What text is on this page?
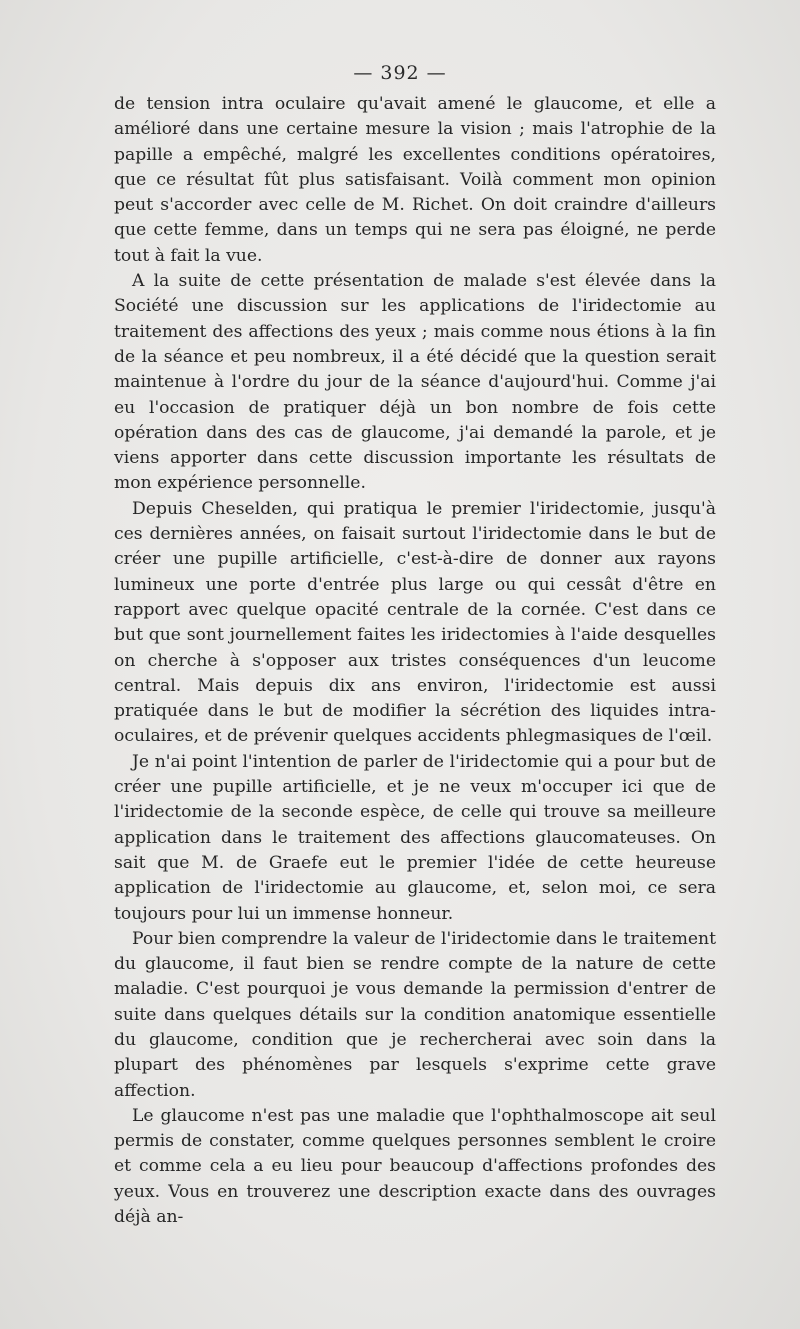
— 392 —

de tension intra oculaire qu'avait amené le glaucome, et elle a amélioré dans une certaine mesure la vision ; mais l'atrophie de la papille a empêché, malgré les excellentes conditions opératoires, que ce résultat fût plus satisfaisant. Voilà comment mon opinion peut s'accorder avec celle de M. Richet. On doit craindre d'ailleurs que cette femme, dans un temps qui ne sera pas éloigné, ne perde tout à fait la vue.

A la suite de cette présentation de malade s'est élevée dans la Société une discussion sur les applications de l'iridectomie au traitement des affections des yeux ; mais comme nous étions à la fin de la séance et peu nombreux, il a été décidé que la question serait maintenue à l'ordre du jour de la séance d'aujourd'hui. Comme j'ai eu l'occasion de pratiquer déjà un bon nombre de fois cette opération dans des cas de glaucome, j'ai demandé la parole, et je viens apporter dans cette discussion importante les résultats de mon expérience personnelle.

Depuis Cheselden, qui pratiqua le premier l'iridectomie, jusqu'à ces dernières années, on faisait surtout l'iridectomie dans le but de créer une pupille artificielle, c'est-à-dire de donner aux rayons lumineux une porte d'entrée plus large ou qui cessât d'être en rapport avec quelque opacité centrale de la cornée. C'est dans ce but que sont journellement faites les iridectomies à l'aide desquelles on cherche à s'opposer aux tristes conséquences d'un leucome central. Mais depuis dix ans environ, l'iridectomie est aussi pratiquée dans le but de modifier la sécrétion des liquides intra-oculaires, et de prévenir quelques accidents phlegmasiques de l'œil.

Je n'ai point l'intention de parler de l'iridectomie qui a pour but de créer une pupille artificielle, et je ne veux m'occuper ici que de l'iridectomie de la seconde espèce, de celle qui trouve sa meilleure application dans le traitement des affections glaucomateuses. On sait que M. de Graefe eut le premier l'idée de cette heureuse application de l'iridectomie au glaucome, et, selon moi, ce sera toujours pour lui un immense honneur.

Pour bien comprendre la valeur de l'iridectomie dans le traitement du glaucome, il faut bien se rendre compte de la nature de cette maladie. C'est pourquoi je vous demande la permission d'entrer de suite dans quelques détails sur la condition anatomique essentielle du glaucome, condition que je rechercherai avec soin dans la plupart des phénomènes par lesquels s'exprime cette grave affection.

Le glaucome n'est pas une maladie que l'ophthalmoscope ait seul permis de constater, comme quelques personnes semblent le croire et comme cela a eu lieu pour beaucoup d'affections profondes des yeux. Vous en trouverez une description exacte dans des ouvrages déjà an-
